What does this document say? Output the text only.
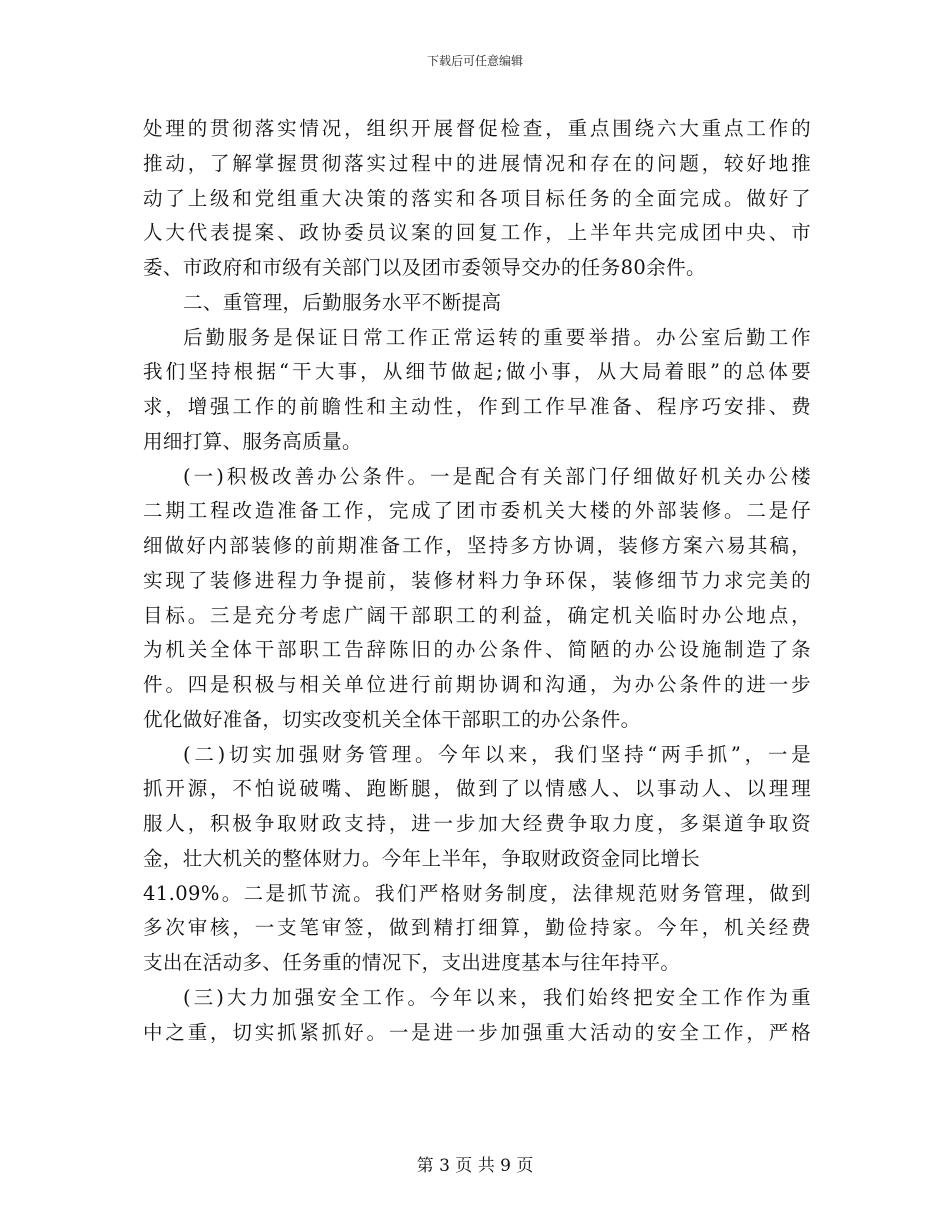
下载后可任意编辑
处理的贯彻落实情况，组织开展督促检查，重点围绕六大重点工作的
推动，了解掌握贯彻落实过程中的进展情况和存在的问题，较好地推
动了上级和党组重大决策的落实和各项目标任务的全面完成。做好了
人大代表提案、政协委员议案的回复工作，上半年共完成团中央、市
委、市政府和市级有关部门以及团市委领导交办的任务80余件。
二、重管理，后勤服务水平不断提高
后勤服务是保证日常工作正常运转的重要举措。办公室后勤工作
我们坚持根据“干大事，从细节做起;做小事，从大局着眼”的总体要
求，增强工作的前瞻性和主动性，作到工作早准备、程序巧安排、费
用细打算、服务高质量。
(一)积极改善办公条件。一是配合有关部门仔细做好机关办公楼
二期工程改造准备工作，完成了团市委机关大楼的外部装修。二是仔
细做好内部装修的前期准备工作，坚持多方协调，装修方案六易其稿，
实现了装修进程力争提前，装修材料力争环保，装修细节力求完美的
目标。三是充分考虑广阔干部职工的利益，确定机关临时办公地点，
为机关全体干部职工告辞陈旧的办公条件、简陋的办公设施制造了条
件。四是积极与相关单位进行前期协调和沟通，为办公条件的进一步
优化做好准备，切实改变机关全体干部职工的办公条件。
(二)切实加强财务管理。今年以来，我们坚持“两手抓”，一是
抓开源，不怕说破嘴、跑断腿，做到了以情感人、以事动人、以理理
服人，积极争取财政支持，进一步加大经费争取力度，多渠道争取资
金，壮大机关的整体财力。今年上半年，争取财政资金同比增长
41.09%。二是抓节流。我们严格财务制度，法律规范财务管理，做到
多次审核，一支笔审签，做到精打细算，勤俭持家。今年，机关经费
支出在活动多、任务重的情况下，支出进度基本与往年持平。
(三)大力加强安全工作。今年以来，我们始终把安全工作作为重
中之重，切实抓紧抓好。一是进一步加强重大活动的安全工作，严格
第 3 页 共 9 页
